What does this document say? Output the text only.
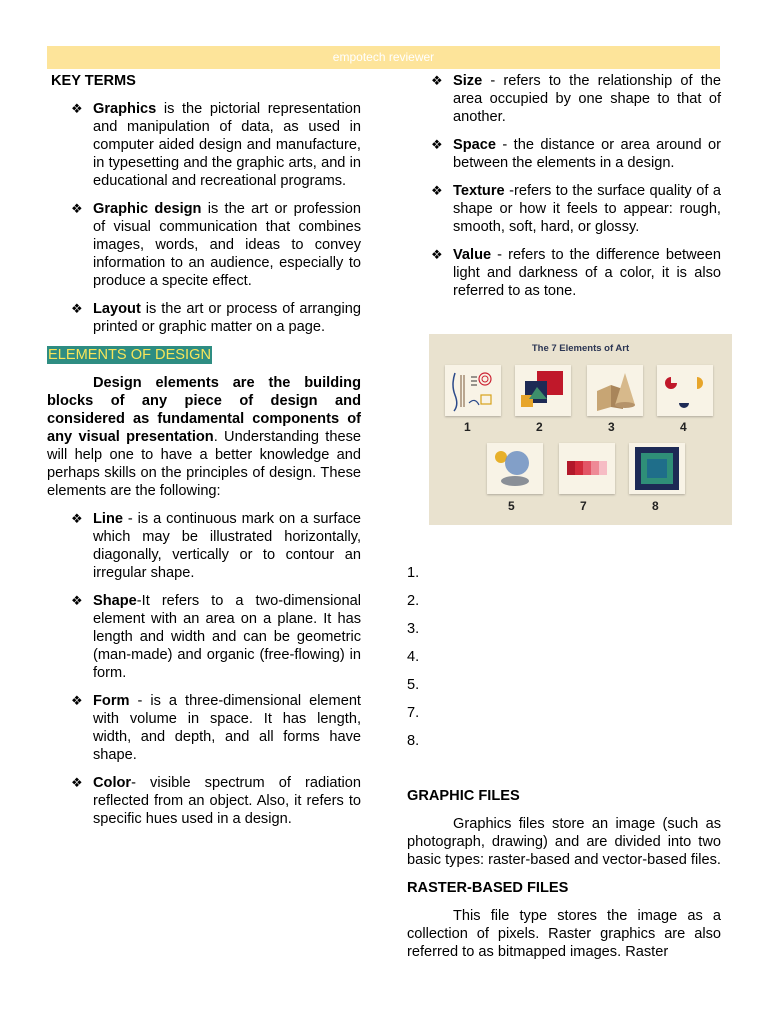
empotech reviewer

KEY TERMS

❖ Graphics is the pictorial representation and manipulation of data, as used in computer aided design and manufacture, in typesetting and the graphic arts, and in educational and recreational programs.
❖ Graphic design is the art or profession of visual communication that combines images, words, and ideas to convey information to an audience, especially to produce a specite effect.
❖ Layout is the art or process of arranging printed or graphic matter on a page.

ELEMENTS OF DESIGN

Design elements are the building blocks of any piece of design and considered as fundamental components of any visual presentation. Understanding these will help one to have a better knowledge and perhaps skills on the principles of design. These elements are the following:

❖ Line - is a continuous mark on a surface which may be illustrated horizontally, diagonally, vertically or to contour an irregular shape.
❖ Shape-It refers to a two-dimensional element with an area on a plane. It has length and width and can be geometric (man-made) and organic (free-flowing) in form.
❖ Form - is a three-dimensional element with volume in space. It has length, width, and depth, and all forms have shape.
❖ Color- visible spectrum of radiation reflected from an object. Also, it refers to specific hues used in a design.
❖ Size - refers to the relationship of the area occupied by one shape to that of another.
❖ Space - the distance or area around or between the elements in a design.
❖ Texture -refers to the surface quality of a shape or how it feels to appear: rough, smooth, soft, hard, or glossy.
❖ Value - refers to the difference between light and darkness of a color, it is also referred to as tone.
The 7 Elements of Art
1	2	3	4
5	7	8
1.
2.
3.
4.
5.
7.
8.

GRAPHIC FILES

Graphics files store an image (such as photograph, drawing) and are divided into two basic types: raster-based and vector-based files.

RASTER-BASED FILES

This file type stores the image as a collection of pixels. Raster graphics are also referred to as bitmapped images. Raster
